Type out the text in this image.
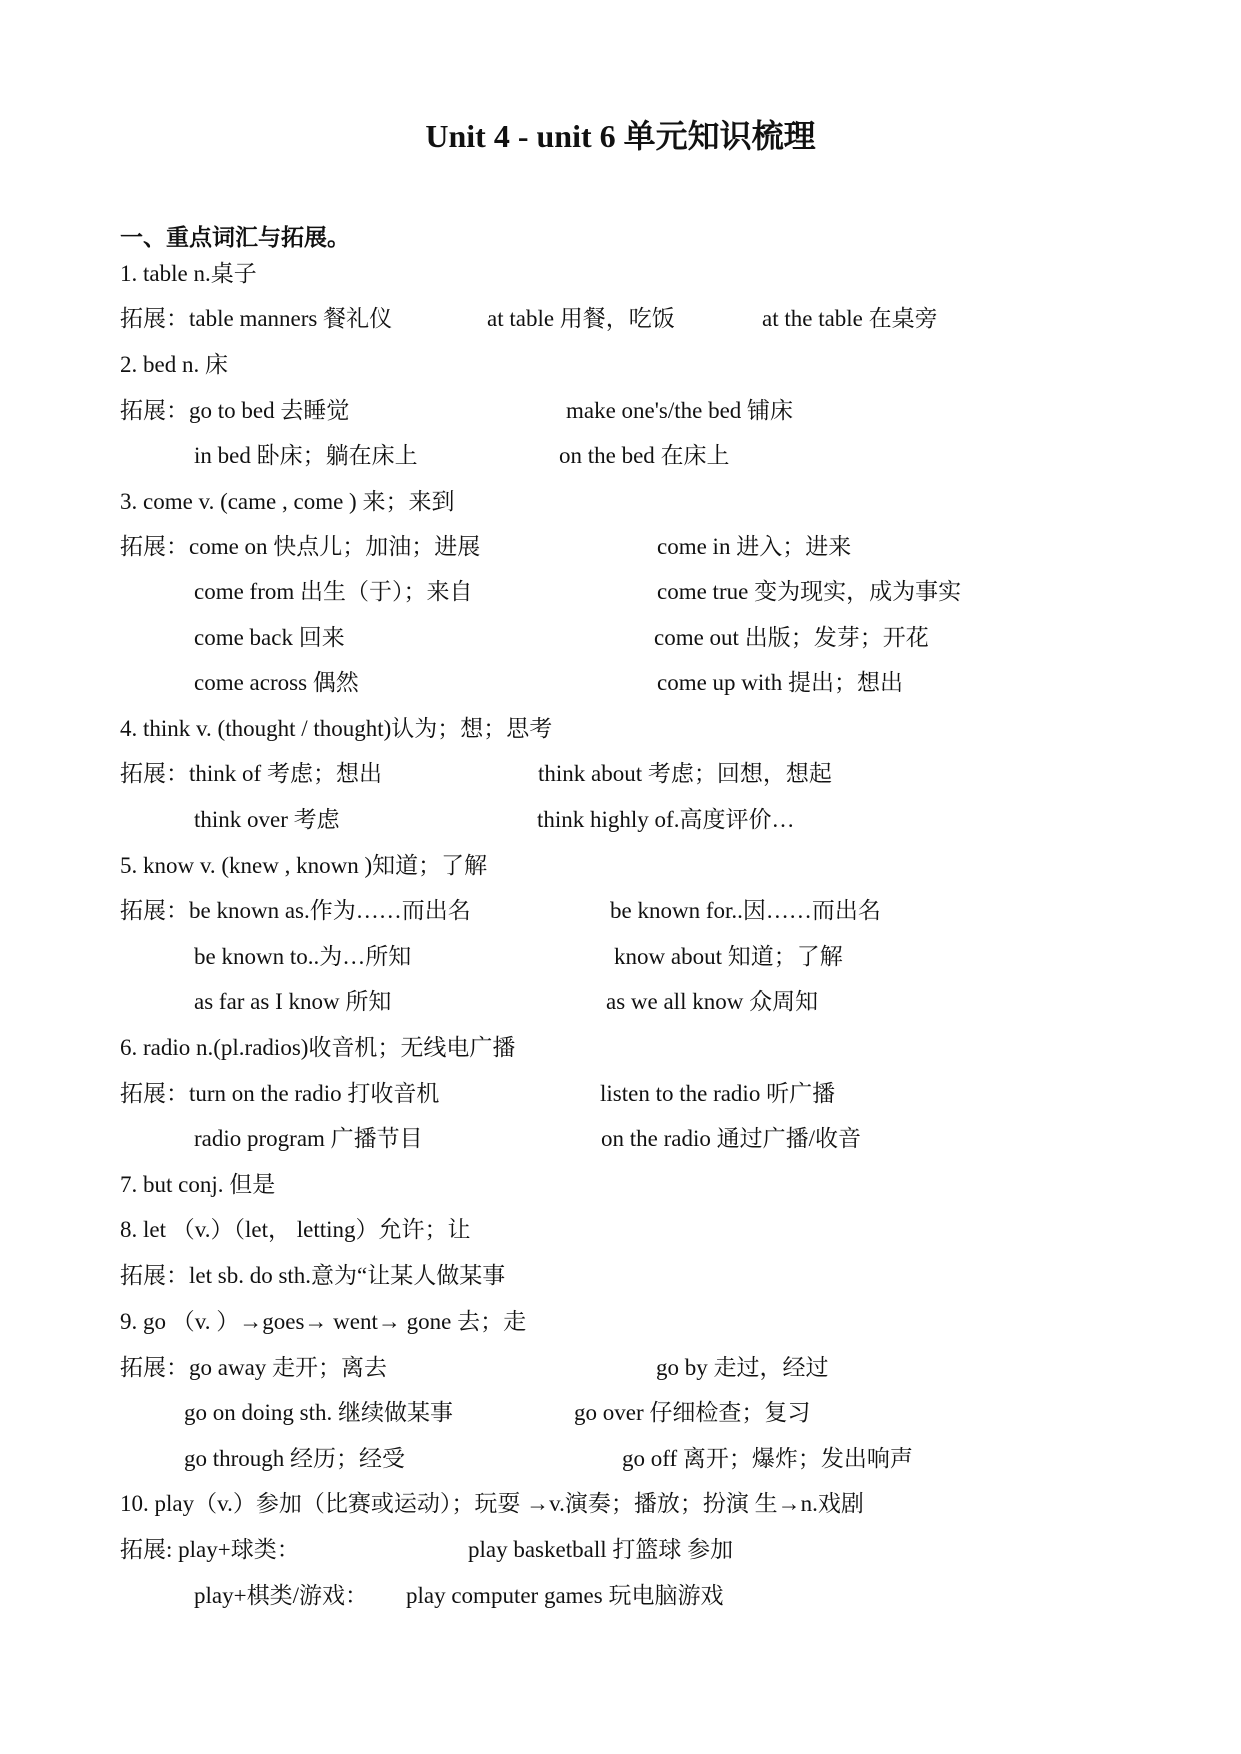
Unit 4 - unit 6 单元知识梳理
一、重点词汇与拓展。
1. table n.桌子
拓展：table manners 餐礼仪	at table 用餐，吃饭	at the table 在桌旁
2. bed n. 床
拓展：go to bed 去睡觉	make one's/the bed 铺床
in bed 卧床；躺在床上	on the bed 在床上
3. come v. (came , come ) 来；来到
拓展：come on 快点儿；加油；进展	come in 进入；进来
come from 出生（于）；来自	come true 变为现实，成为事实
come back 回来	come out 出版；发芽；开花
come across 偶然	come up with 提出；想出
4. think v. (thought / thought)认为；想；思考
拓展：think of 考虑；想出	think about 考虑；回想，想起
think over 考虑	think highly of.高度评价…
5. know v. (knew , known )知道；了解
拓展：be known as.作为……而出名	be known for..因……而出名
be known to..为…所知	know about 知道；了解
as far as I know 所知	as we all know 众周知
6. radio n.(pl.radios)收音机；无线电广播
拓展：turn on the radio 打收音机	listen to the radio 听广播
radio program 广播节目	on the radio 通过广播/收音
7. but conj. 但是
8. let （v.）（let， letting）允许；让
拓展：let sb. do sth.意为“让某人做某事
9. go （v. ）→goes→ went→ gone 去；走
拓展：go away 走开；离去	go by 走过，经过
go on doing sth. 继续做某事	go over 仔细检查；复习
go through 经历；经受	go off 离开；爆炸；发出响声
10. play（v.）参加（比赛或运动）；玩耍 →v.演奏；播放；扮演 生→n.戏剧
拓展: play+球类：	play basketball 打篮球 参加
play+棋类/游戏： play computer games 玩电脑游戏
